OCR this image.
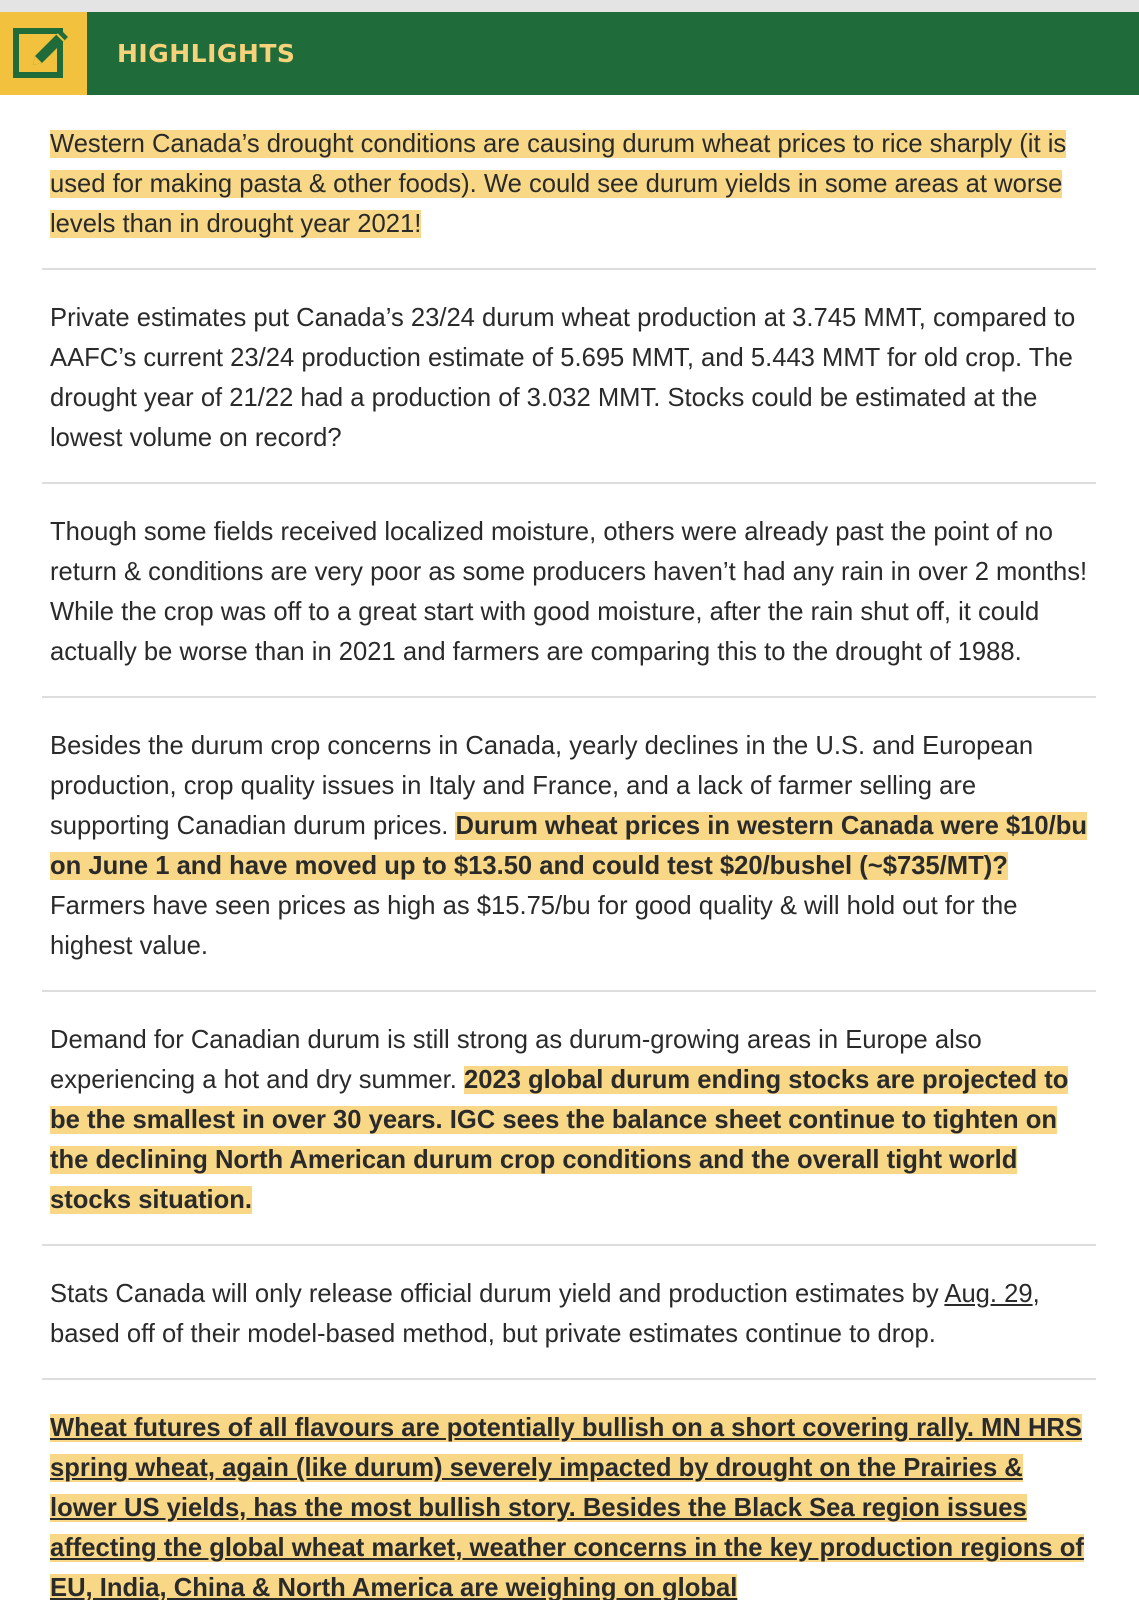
HIGHLIGHTS
Western Canada’s drought conditions are causing durum wheat prices to rice sharply (it is used for making pasta & other foods). We could see durum yields in some areas at worse levels than in drought year 2021!
Private estimates put Canada’s 23/24 durum wheat production at 3.745 MMT, compared to AAFC’s current 23/24 production estimate of 5.695 MMT, and 5.443 MMT for old crop. The drought year of 21/22 had a production of 3.032 MMT. Stocks could be estimated at the lowest volume on record?
Though some fields received localized moisture, others were already past the point of no return & conditions are very poor as some producers haven’t had any rain in over 2 months! While the crop was off to a great start with good moisture, after the rain shut off, it could actually be worse than in 2021 and farmers are comparing this to the drought of 1988.
Besides the durum crop concerns in Canada, yearly declines in the U.S. and European production, crop quality issues in Italy and France, and a lack of farmer selling are supporting Canadian durum prices. Durum wheat prices in western Canada were $10/bu on June 1 and have moved up to $13.50 and could test $20/bushel (~$735/MT)? Farmers have seen prices as high as $15.75/bu for good quality & will hold out for the highest value.
Demand for Canadian durum is still strong as durum-growing areas in Europe also experiencing a hot and dry summer. 2023 global durum ending stocks are projected to be the smallest in over 30 years. IGC sees the balance sheet continue to tighten on the declining North American durum crop conditions and the overall tight world stocks situation.
Stats Canada will only release official durum yield and production estimates by Aug. 29, based off of their model-based method, but private estimates continue to drop.
Wheat futures of all flavours are potentially bullish on a short covering rally. MN HRS spring wheat, again (like durum) severely impacted by drought on the Prairies & lower US yields, has the most bullish story. Besides the Black Sea region issues affecting the global wheat market, weather concerns in the key production regions of EU, India, China & North America are weighing on global
